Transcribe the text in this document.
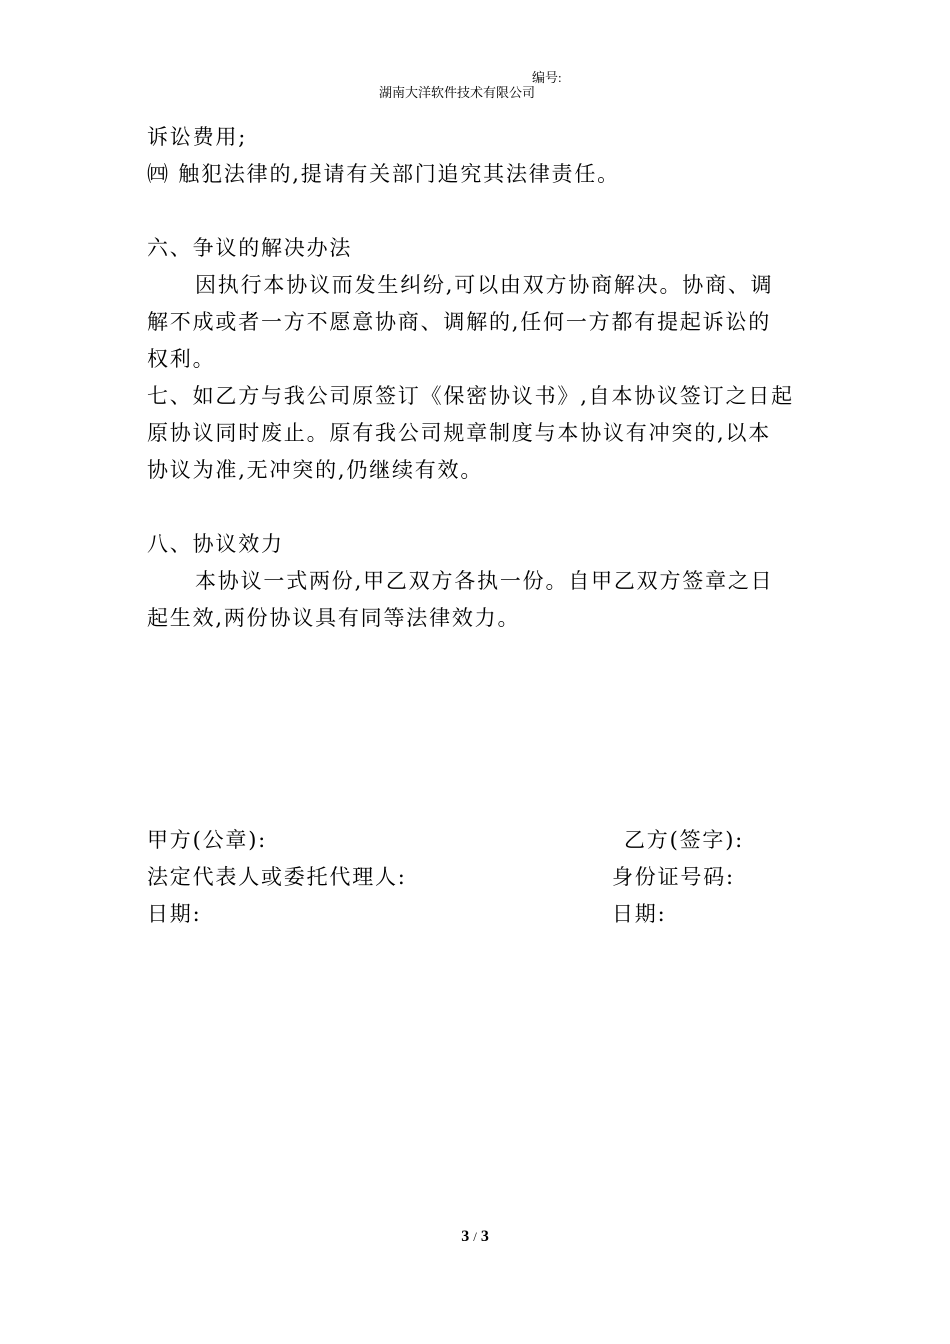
编号:
湖南大洋软件技术有限公司
诉讼费用;
㈣ 触犯法律的,提请有关部门追究其法律责任。
六、争议的解决办法
因执行本协议而发生纠纷,可以由双方协商解决。协商、调
解不成或者一方不愿意协商、调解的,任何一方都有提起诉讼的
权利。
七、如乙方与我公司原签订《保密协议书》,自本协议签订之日起
原协议同时废止。原有我公司规章制度与本协议有冲突的,以本
协议为准,无冲突的,仍继续有效。
八、协议效力
本协议一式两份,甲乙双方各执一份。自甲乙双方签章之日
起生效,两份协议具有同等法律效力。
甲方(公章):	乙方(签字):
法定代表人或委托代理人:	身份证号码:
日期:	日期:
3 / 3
